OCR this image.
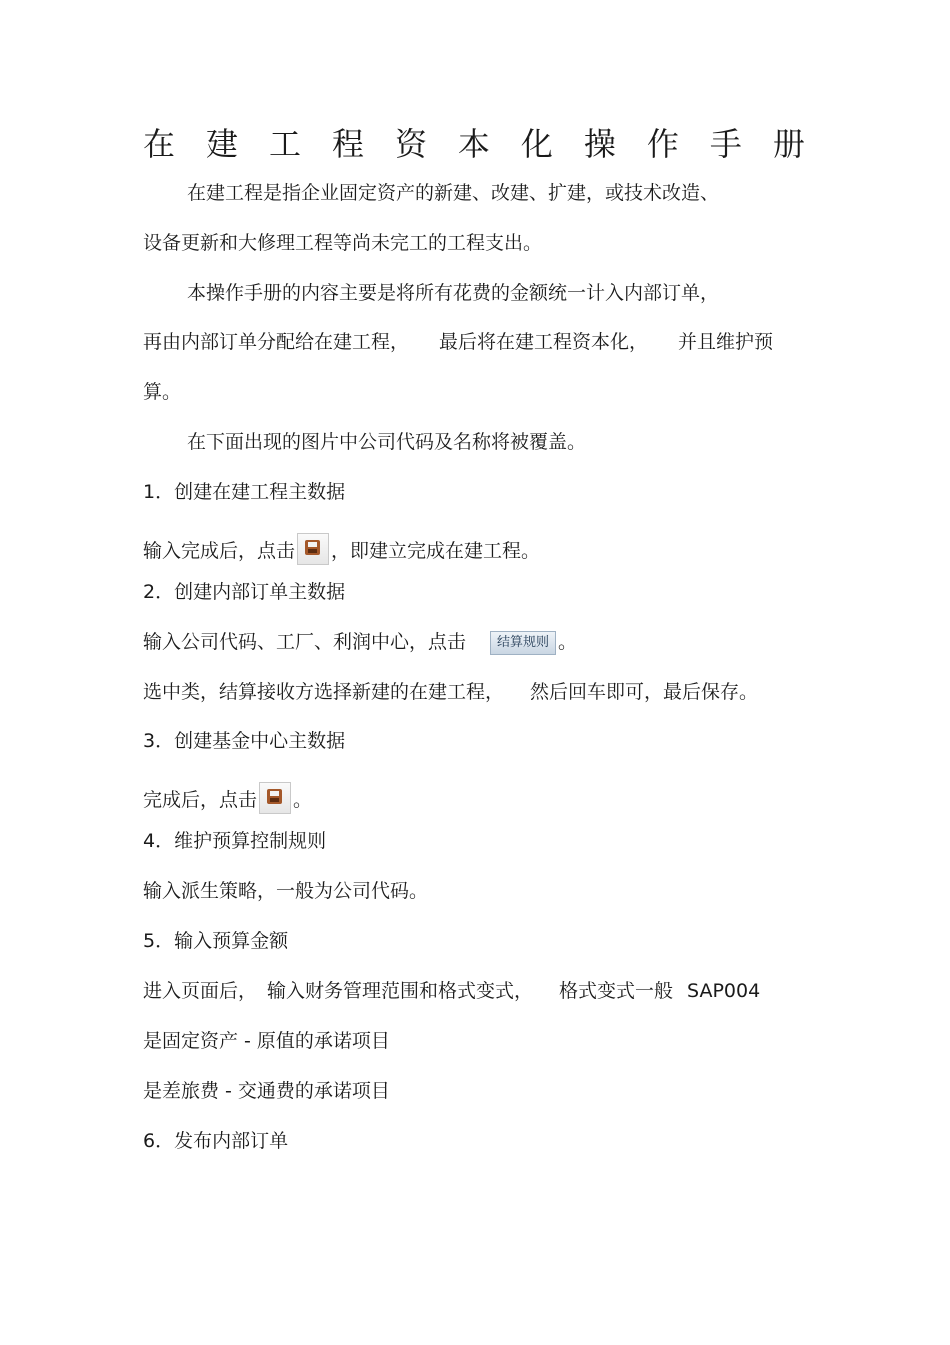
在 建 工 程 资 本 化 操 作 手 册
在建工程是指企业固定资产的新建、改建、扩建，或技术改造、
设备更新和大修理工程等尚未完工的工程支出。
本操作手册的内容主要是将所有花费的金额统一计入内部订单，
再由内部订单分配给在建工程， 最后将在建工程资本化， 并且维护预
算。
在下面出现的图片中公司代码及名称将被覆盖。
1．创建在建工程主数据
输入完成后，点击 ，即建立完成在建工程。
2．创建内部订单主数据
输入公司代码、工厂、利润中心，点击 结算规则 。
选中类，结算接收方选择新建的在建工程， 然后回车即可，最后保存。
3．创建基金中心主数据
完成后，点击 。
4．维护预算控制规则
输入派生策略，一般为公司代码。
5．输入预算金额
进入页面后， 输入财务管理范围和格式变式， 格式变式一般 SAP004
是固定资产 - 原值的承诺项目
是差旅费 - 交通费的承诺项目
6．发布内部订单
